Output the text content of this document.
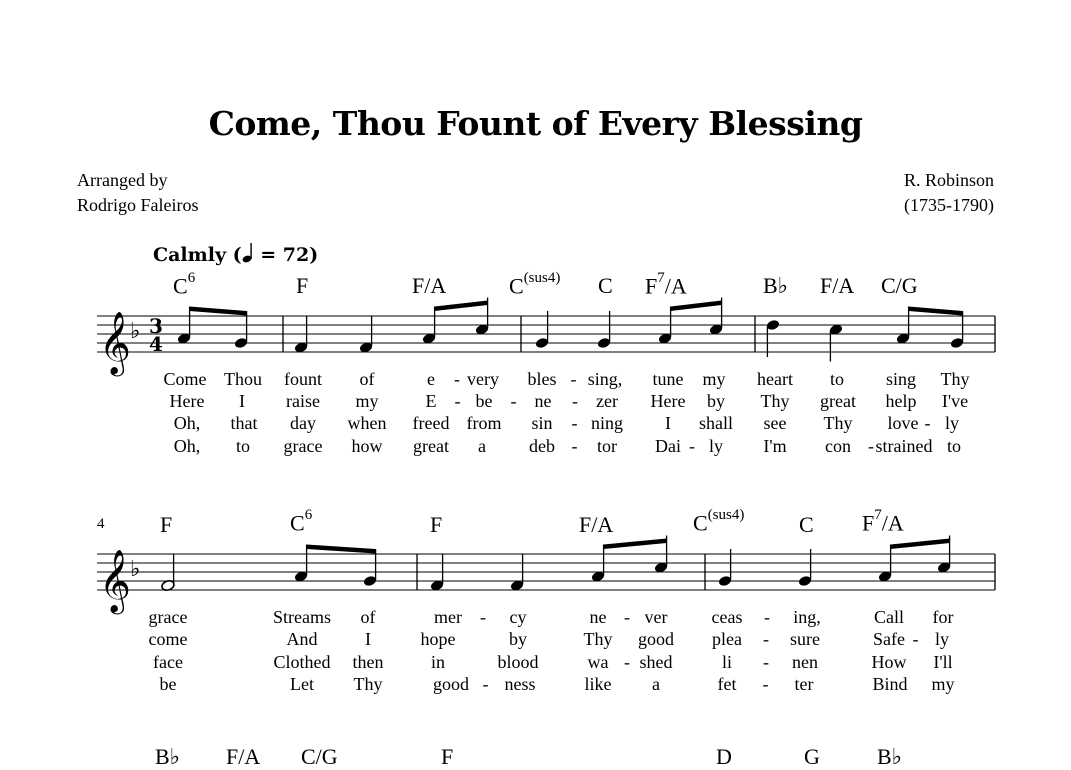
Come, Thou Fount of Every Blessing
Arranged by
Rodrigo Faleiros
R. Robinson
(1735-1790)
Calmly ( = 72)
$C^6$	F	F/A	$C^{(sus4)}$ C $F^7/A$	B♭ F/A C/G
4	F	$C^6$	F	F/A	$C^{(sus4)}$ C $F^7/A$
B♭ F/A C/G	F	D	G	B♭
𝄞 ♭ 3
4
𝄞 ♭
Come Thou fount of	e - very bles - sing, tune my heart to sing Thy
Here I raise my	E - be - ne - zer Here by Thy great help I've
Oh, that day when freed from sin - ning I shall see Thy love - ly
Oh, to grace how great a deb - tor Dai - ly I'm con - strained to
grace	Streams of	mer - cy	ne - ver ceas - ing,	Call for
come	And	I	hope	by	Thy good plea - sure	Safe - ly
face	Clothed then	in	blood	wa - shed	li - nen	How I'll
be	Let Thy	good - ness	like a	fet - ter	Bind my
